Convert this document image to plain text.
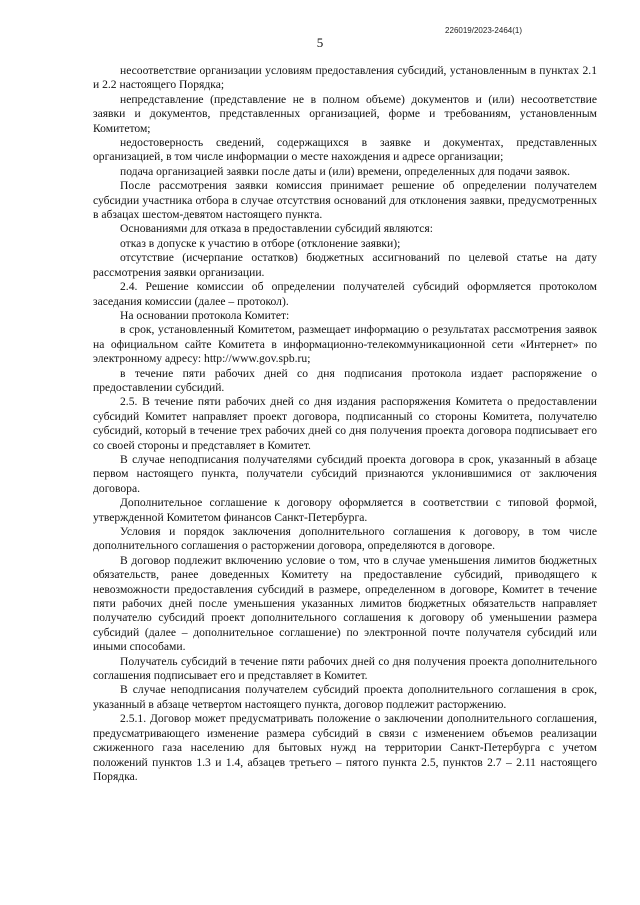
226019/2023-2464(1)
5

несоответствие организации условиям предоставления субсидий, установленным в пунктах 2.1 и 2.2 настоящего Порядка;

непредставление (представление не в полном объеме) документов и (или) несоответствие заявки и документов, представленных организацией, форме и требованиям, установленным Комитетом;

недостоверность сведений, содержащихся в заявке и документах, представленных организацией, в том числе информации о месте нахождения и адресе организации;

подача организацией заявки после даты и (или) времени, определенных для подачи заявок.

После рассмотрения заявки комиссия принимает решение об определении получателем субсидии участника отбора в случае отсутствия оснований для отклонения заявки, предусмотренных в абзацах шестом-девятом настоящего пункта.

Основаниями для отказа в предоставлении субсидий являются:

отказ в допуске к участию в отборе (отклонение заявки);

отсутствие (исчерпание остатков) бюджетных ассигнований по целевой статье на дату рассмотрения заявки организации.

2.4. Решение комиссии об определении получателей субсидий оформляется протоколом заседания комиссии (далее – протокол).

На основании протокола Комитет:

в срок, установленный Комитетом, размещает информацию о результатах рассмотрения заявок на официальном сайте Комитета в информационно-телекоммуникационной сети «Интернет» по электронному адресу: http://www.gov.spb.ru;

в течение пяти рабочих дней со дня подписания протокола издает распоряжение о предоставлении субсидий.

2.5. В течение пяти рабочих дней со дня издания распоряжения Комитета о предоставлении субсидий Комитет направляет проект договора, подписанный со стороны Комитета, получателю субсидий, который в течение трех рабочих дней со дня получения проекта договора подписывает его со своей стороны и представляет в Комитет.

В случае неподписания получателями субсидий проекта договора в срок, указанный в абзаце первом настоящего пункта, получатели субсидий признаются уклонившимися от заключения договора.

Дополнительное соглашение к договору оформляется в соответствии с типовой формой, утвержденной Комитетом финансов Санкт-Петербурга.

Условия и порядок заключения дополнительного соглашения к договору, в том числе дополнительного соглашения о расторжении договора, определяются в договоре.

В договор подлежит включению условие о том, что в случае уменьшения лимитов бюджетных обязательств, ранее доведенных Комитету на предоставление субсидий, приводящего к невозможности предоставления субсидий в размере, определенном в договоре, Комитет в течение пяти рабочих дней после уменьшения указанных лимитов бюджетных обязательств направляет получателю субсидий проект дополнительного соглашения к договору об уменьшении размера субсидий (далее – дополнительное соглашение) по электронной почте получателя субсидий или иными способами.

Получатель субсидий в течение пяти рабочих дней со дня получения проекта дополнительного соглашения подписывает его и представляет в Комитет.

В случае неподписания получателем субсидий проекта дополнительного соглашения в срок, указанный в абзаце четвертом настоящего пункта, договор подлежит расторжению.

2.5.1. Договор может предусматривать положение о заключении дополнительного соглашения, предусматривающего изменение размера субсидий в связи с изменением объемов реализации сжиженного газа населению для бытовых нужд на территории Санкт-Петербурга с учетом положений пунктов 1.3 и 1.4, абзацев третьего – пятого пункта 2.5, пунктов 2.7 – 2.11 настоящего Порядка.
